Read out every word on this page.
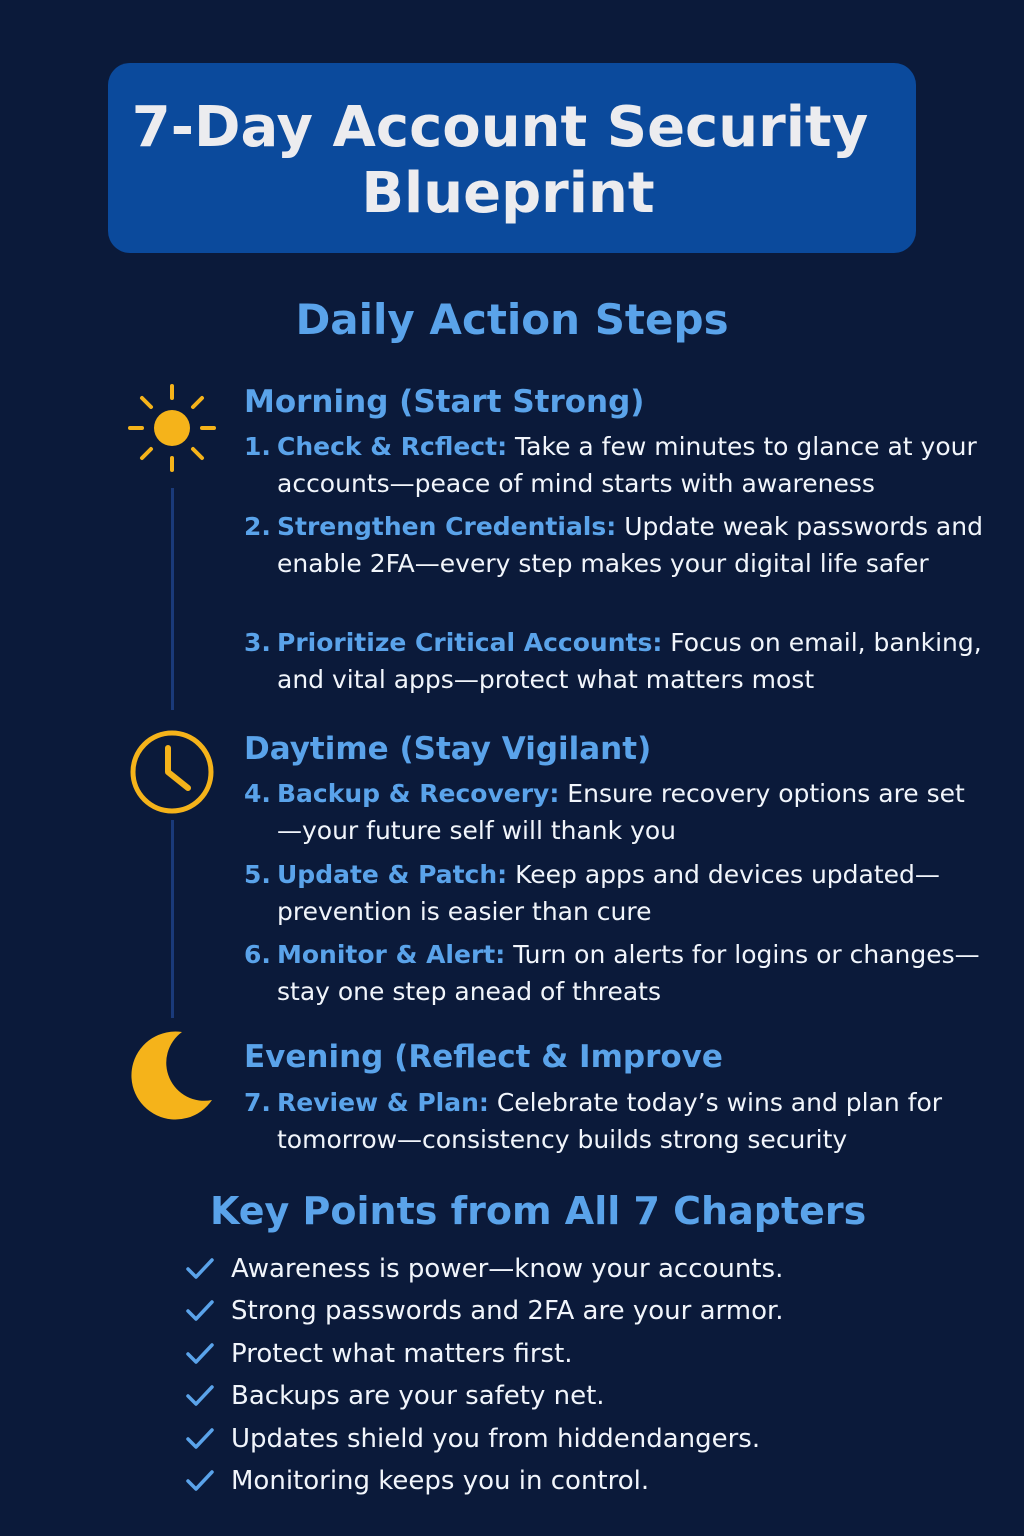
7-Day Account Security
Blueprint
Daily Action Steps
Morning (Start Strong)
1. Check & Rcflect: Take a few minutes to glance at your accounts—peace of mind starts with awareness
2. Strengthen Credentials: Update weak passwords and enable 2FA—every step makes your digital life safer
3. Prioritize Critical Accounts: Focus on email, banking, and vital apps—protect what matters most
Daytime (Stay Vigilant)
4. Backup & Recovery: Ensure recovery options are set—your future self will thank you
5. Update & Patch: Keep apps and devices updated—prevention is easier than cure
6. Monitor & Alert: Turn on alerts for logins or changes—stay one step anead of threats
Evening (Reflect & Improve
7. Review & Plan: Celebrate today’s wins and plan for tomorrow—consistency builds strong security
Key Points from All 7 Chapters
Awareness is power—know your accounts.
Strong passwords and 2FA are your armor.
Protect what matters first.
Backups are your safety net.
Updates shield you from hiddendangers.
Monitoring keeps you in control.
